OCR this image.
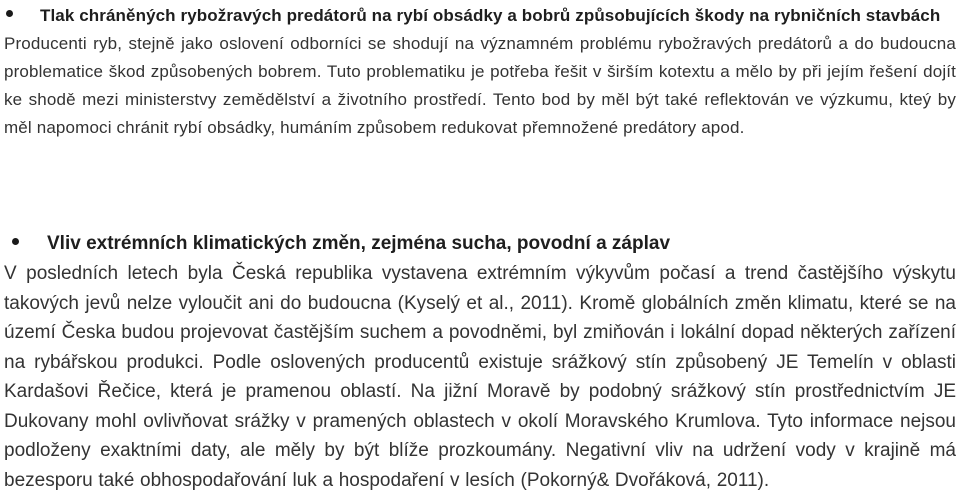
Tlak chráněných rybožravých predátorů na rybí obsádky a bobrů způsobujících škody na rybničních stavbách

Producenti ryb, stejně jako oslovení odborníci se shodují na významném problému rybožravých predátorů a do budoucna problematice škod způsobených bobrem. Tuto problematiku je potřeba řešit v širším kotextu a mělo by při jejím řešení dojít ke shodě mezi ministerstvy zemědělství a životního prostředí. Tento bod by měl být také reflektován ve výzkumu, kteý by měl napomoci chránit rybí obsádky, humáním způsobem redukovat přemnožené predátory apod.

Vliv extrémních klimatických změn, zejména sucha, povodní a záplav

V posledních letech byla Česká republika vystavena extrémním výkyvům počasí a trend častějšího výskytu takových jevů nelze vyloučit ani do budoucna (Kyselý et al., 2011). Kromě globálních změn klimatu, které se na území Česka budou projevovat častějším suchem a povodněmi, byl zmiňován i lokální dopad některých zařízení na rybářskou produkci. Podle oslovených producentů existuje srážkový stín způsobený JE Temelín v oblasti Kardašovi Řečice, která je pramenou oblastí. Na jižní Moravě by podobný srážkový stín prostřednictvím JE Dukovany mohl ovlivňovat srážky v pramených oblastech v okolí Moravského Krumlova. Tyto informace nejsou podloženy exaktními daty, ale měly by být blíže prozkoumány. Negativní vliv na udržení vody v krajině má bezesporu také obhospodařování luk a hospodaření v lesích (Pokorný& Dvořáková, 2011).
